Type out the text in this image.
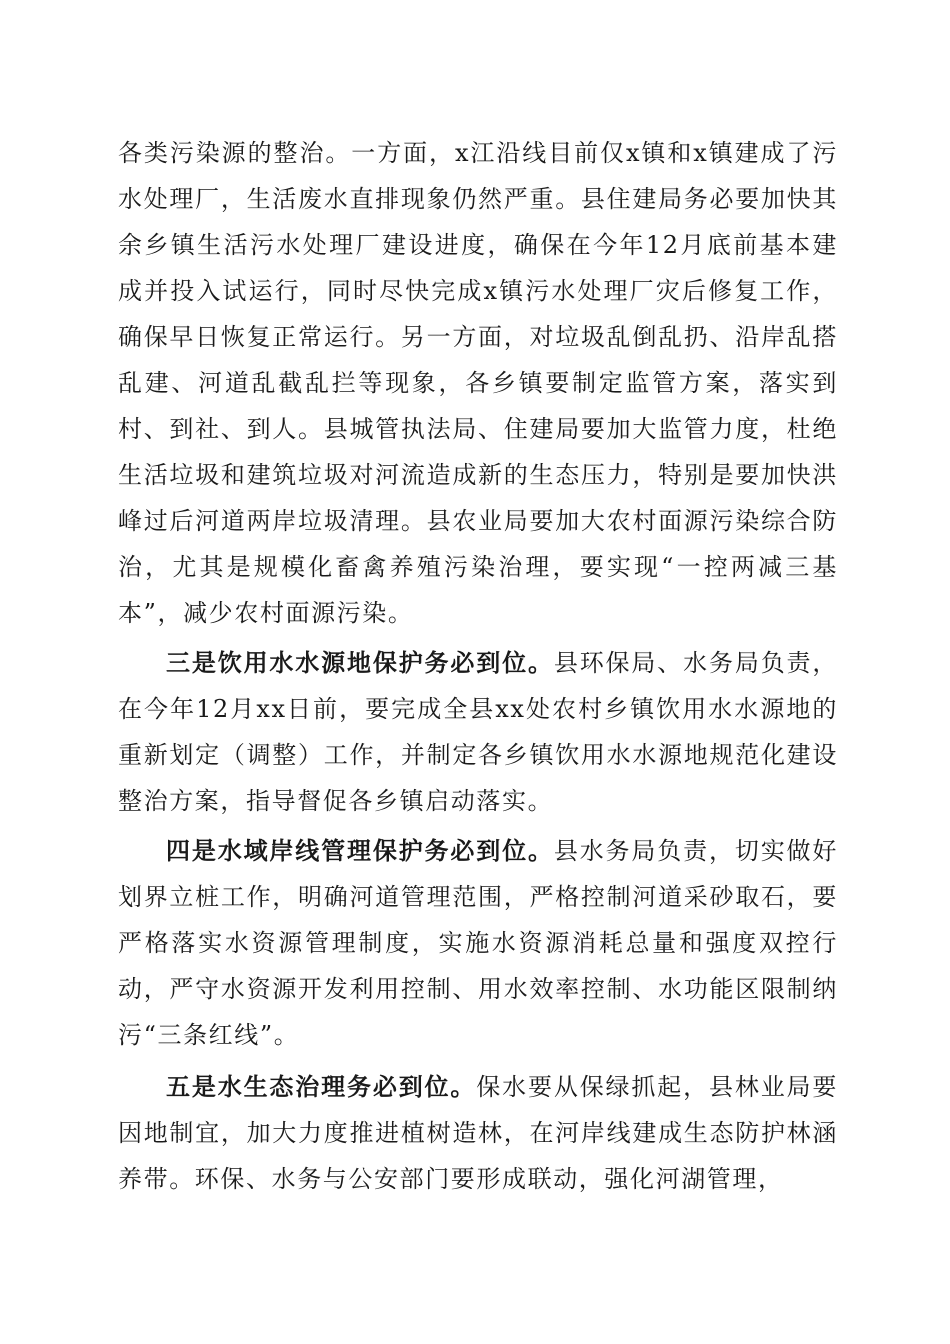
各类污染源的整治。一方面，x江沿线目前仅x镇和x镇建成了污水处理厂，生活废水直排现象仍然严重。县住建局务必要加快其余乡镇生活污水处理厂建设进度，确保在今年12月底前基本建成并投入试运行，同时尽快完成x镇污水处理厂灾后修复工作，确保早日恢复正常运行。另一方面，对垃圾乱倒乱扔、沿岸乱搭乱建、河道乱截乱拦等现象，各乡镇要制定监管方案，落实到村、到社、到人。县城管执法局、住建局要加大监管力度，杜绝生活垃圾和建筑垃圾对河流造成新的生态压力，特别是要加快洪峰过后河道两岸垃圾清理。县农业局要加大农村面源污染综合防治，尤其是规模化畜禽养殖污染治理，要实现“一控两减三基本”，减少农村面源污染。

三是饮用水水源地保护务必到位。县环保局、水务局负责，在今年12月xx日前，要完成全县xx处农村乡镇饮用水水源地的重新划定（调整）工作，并制定各乡镇饮用水水源地规范化建设整治方案，指导督促各乡镇启动落实。

四是水域岸线管理保护务必到位。县水务局负责，切实做好划界立桩工作，明确河道管理范围，严格控制河道采砂取石，要严格落实水资源管理制度，实施水资源消耗总量和强度双控行动，严守水资源开发利用控制、用水效率控制、水功能区限制纳污“三条红线”。

五是水生态治理务必到位。保水要从保绿抓起，县林业局要因地制宜，加大力度推进植树造林，在河岸线建成生态防护林涵养带。环保、水务与公安部门要形成联动，强化河湖管理，
